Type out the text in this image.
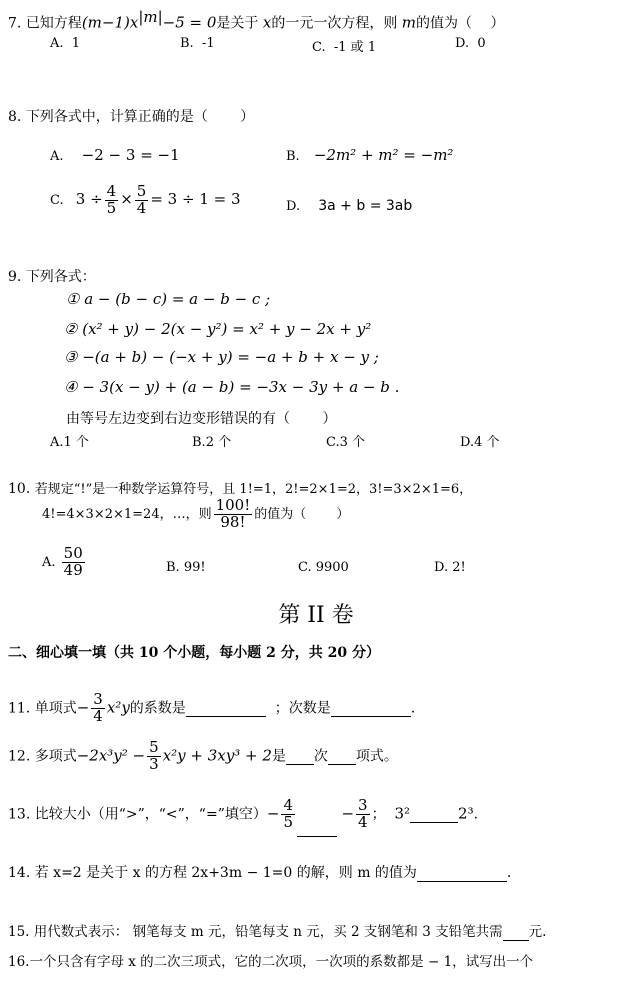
7. 已知方程$(m-1)x^{|m|}-5 = 0$是关于 x的一元一次方程，则 m的值为（　 ）
A. 1	B. -1	C. -1 或 1	D. 0
8. 下列各式中，计算正确的是（　　 ）
A. −2 − 3 = −1	B. −2m² + m² = −m²
C. $3 \div \frac{4}{5} \times \frac{5}{4} = 3 \div 1 = 3$	D. 3a + b = 3ab
9. 下列各式：
① a − (b − c) = a − b − c ;
② (x² + y) − 2(x − y²) = x² + y − 2x + y²
③ −(a + b) − (−x + y) = −a + b + x − y ;
④ − 3(x − y) + (a − b) = −3x − 3y + a − b .
由等号左边变到右边变形错误的有（　　 ）
A.1 个	B.2 个	C.3 个	D.4 个
10. 若规定“!”是一种数学运算符号，且 1!=1，2!=2×1=2，3!=3×2×1=6，
4!=4×3×2×1=24，…，则 $\frac{100!}{98!}$ 的值为（　　 ）
A. $\frac{50}{49}$	B. 99!	C. 9900	D. 2!
第 II 卷
二、细心填一填（共 10 个小题，每小题 2 分，共 20 分）
11. 单项式− $\frac{3}{4} x^2y$的系数是	；次数是	.
12. 多项式$-2x^3y^2 - \frac{5}{3} x^2y + 3xy^3 + 2$是 次 项式。
13. 比较大小（用“>”，“<”，“=”填空）− $\frac{4}{5}$	− $\frac{3}{4}$ ； 3²	2³.
14. 若 x=2 是关于 x 的方程 2x+3m − 1=0 的解，则 m 的值为	.
15. 用代数式表示： 钢笔每支 m 元，铅笔每支 n 元，买 2 支钢笔和 3 支铅笔共需 元.
16.一个只含有字母 x 的二次三项式，它的二次项，一次项的系数都是 − 1，试写出一个
